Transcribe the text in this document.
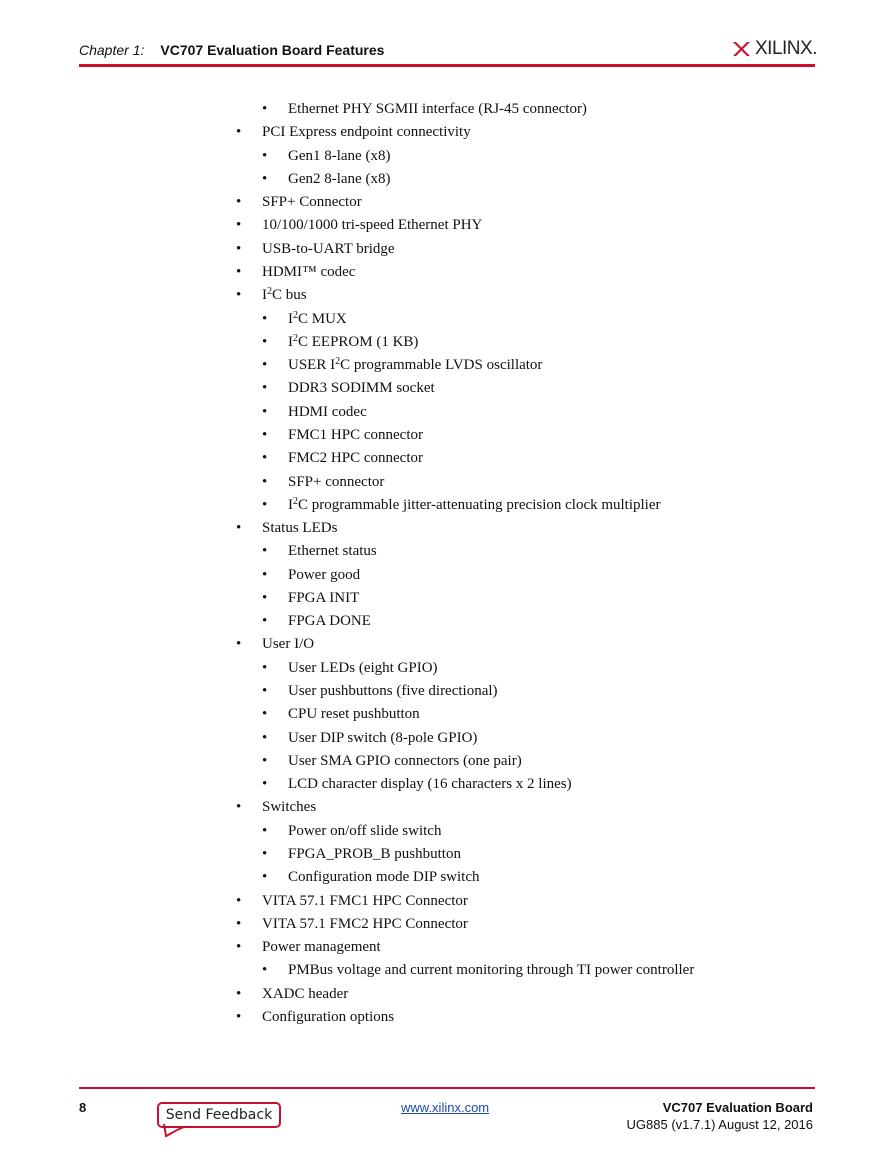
Chapter 1: VC707 Evaluation Board Features	XILINX.
• Ethernet PHY SGMII interface (RJ-45 connector)
• PCI Express endpoint connectivity
• Gen1 8-lane (x8)
• Gen2 8-lane (x8)
• SFP+ Connector
• 10/100/1000 tri-speed Ethernet PHY
• USB-to-UART bridge
• HDMI™ codec
• $I^2C$ bus
• $I^2C$ MUX
• $I^2C$ EEPROM (1 KB)
• USER $I^2C$ programmable LVDS oscillator
• DDR3 SODIMM socket
• HDMI codec
• FMC1 HPC connector
• FMC2 HPC connector
• SFP+ connector
• $I^2C$ programmable jitter-attenuating precision clock multiplier
• Status LEDs
• Ethernet status
• Power good
• FPGA INIT
• FPGA DONE
• User I/O
• User LEDs (eight GPIO)
• User pushbuttons (five directional)
• CPU reset pushbutton
• User DIP switch (8-pole GPIO)
• User SMA GPIO connectors (one pair)
• LCD character display (16 characters x 2 lines)
• Switches
• Power on/off slide switch
• FPGA_PROB_B pushbutton
• Configuration mode DIP switch
• VITA 57.1 FMC1 HPC Connector
• VITA 57.1 FMC2 HPC Connector
• Power management
• PMBus voltage and current monitoring through TI power controller
• XADC header
• Configuration options
8	Send Feedback	www.xilinx.com	VC707 Evaluation Board
UG885 (v1.7.1) August 12, 2016
